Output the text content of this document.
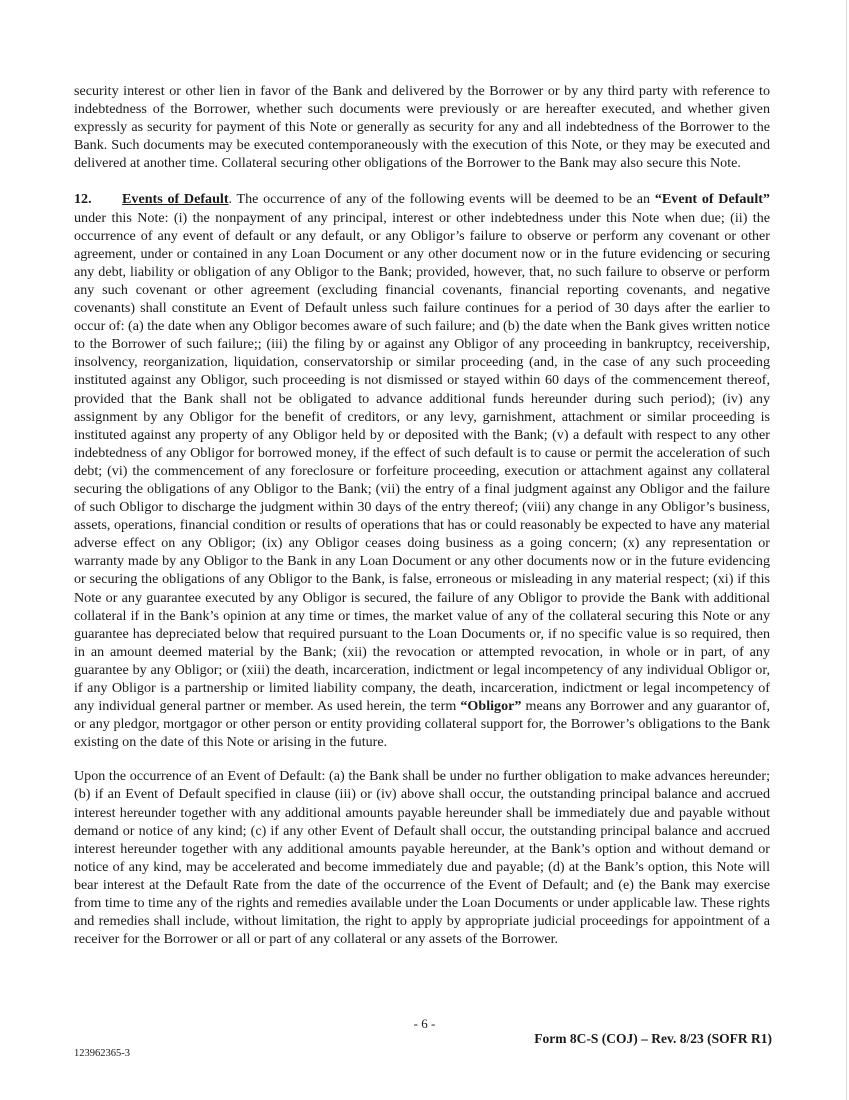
security interest or other lien in favor of the Bank and delivered by the Borrower or by any third party with reference to indebtedness of the Borrower, whether such documents were previously or are hereafter executed, and whether given expressly as security for payment of this Note or generally as security for any and all indebtedness of the Borrower to the Bank. Such documents may be executed contemporaneously with the execution of this Note, or they may be executed and delivered at another time. Collateral securing other obligations of the Borrower to the Bank may also secure this Note.

12. Events of Default. The occurrence of any of the following events will be deemed to be an “Event of Default” under this Note: (i) the nonpayment of any principal, interest or other indebtedness under this Note when due; (ii) the occurrence of any event of default or any default, or any Obligor’s failure to observe or perform any covenant or other agreement, under or contained in any Loan Document or any other document now or in the future evidencing or securing any debt, liability or obligation of any Obligor to the Bank; provided, however, that, no such failure to observe or perform any such covenant or other agreement (excluding financial covenants, financial reporting covenants, and negative covenants) shall constitute an Event of Default unless such failure continues for a period of 30 days after the earlier to occur of: (a) the date when any Obligor becomes aware of such failure; and (b) the date when the Bank gives written notice to the Borrower of such failure;; (iii) the filing by or against any Obligor of any proceeding in bankruptcy, receivership, insolvency, reorganization, liquidation, conservatorship or similar proceeding (and, in the case of any such proceeding instituted against any Obligor, such proceeding is not dismissed or stayed within 60 days of the commencement thereof, provided that the Bank shall not be obligated to advance additional funds hereunder during such period); (iv) any assignment by any Obligor for the benefit of creditors, or any levy, garnishment, attachment or similar proceeding is instituted against any property of any Obligor held by or deposited with the Bank; (v) a default with respect to any other indebtedness of any Obligor for borrowed money, if the effect of such default is to cause or permit the acceleration of such debt; (vi) the commencement of any foreclosure or forfeiture proceeding, execution or attachment against any collateral securing the obligations of any Obligor to the Bank; (vii) the entry of a final judgment against any Obligor and the failure of such Obligor to discharge the judgment within 30 days of the entry thereof; (viii) any change in any Obligor’s business, assets, operations, financial condition or results of operations that has or could reasonably be expected to have any material adverse effect on any Obligor; (ix) any Obligor ceases doing business as a going concern; (x) any representation or warranty made by any Obligor to the Bank in any Loan Document or any other documents now or in the future evidencing or securing the obligations of any Obligor to the Bank, is false, erroneous or misleading in any material respect; (xi) if this Note or any guarantee executed by any Obligor is secured, the failure of any Obligor to provide the Bank with additional collateral if in the Bank’s opinion at any time or times, the market value of any of the collateral securing this Note or any guarantee has depreciated below that required pursuant to the Loan Documents or, if no specific value is so required, then in an amount deemed material by the Bank; (xii) the revocation or attempted revocation, in whole or in part, of any guarantee by any Obligor; or (xiii) the death, incarceration, indictment or legal incompetency of any individual Obligor or, if any Obligor is a partnership or limited liability company, the death, incarceration, indictment or legal incompetency of any individual general partner or member. As used herein, the term “Obligor” means any Borrower and any guarantor of, or any pledgor, mortgagor or other person or entity providing collateral support for, the Borrower’s obligations to the Bank existing on the date of this Note or arising in the future.

Upon the occurrence of an Event of Default: (a) the Bank shall be under no further obligation to make advances hereunder; (b) if an Event of Default specified in clause (iii) or (iv) above shall occur, the outstanding principal balance and accrued interest hereunder together with any additional amounts payable hereunder shall be immediately due and payable without demand or notice of any kind; (c) if any other Event of Default shall occur, the outstanding principal balance and accrued interest hereunder together with any additional amounts payable hereunder, at the Bank’s option and without demand or notice of any kind, may be accelerated and become immediately due and payable; (d) at the Bank’s option, this Note will bear interest at the Default Rate from the date of the occurrence of the Event of Default; and (e) the Bank may exercise from time to time any of the rights and remedies available under the Loan Documents or under applicable law. These rights and remedies shall include, without limitation, the right to apply by appropriate judicial proceedings for appointment of a receiver for the Borrower or all or part of any collateral or any assets of the Borrower.

- 6 -
Form 8C-S (COJ) – Rev. 8/23 (SOFR R1)
123962365-3
